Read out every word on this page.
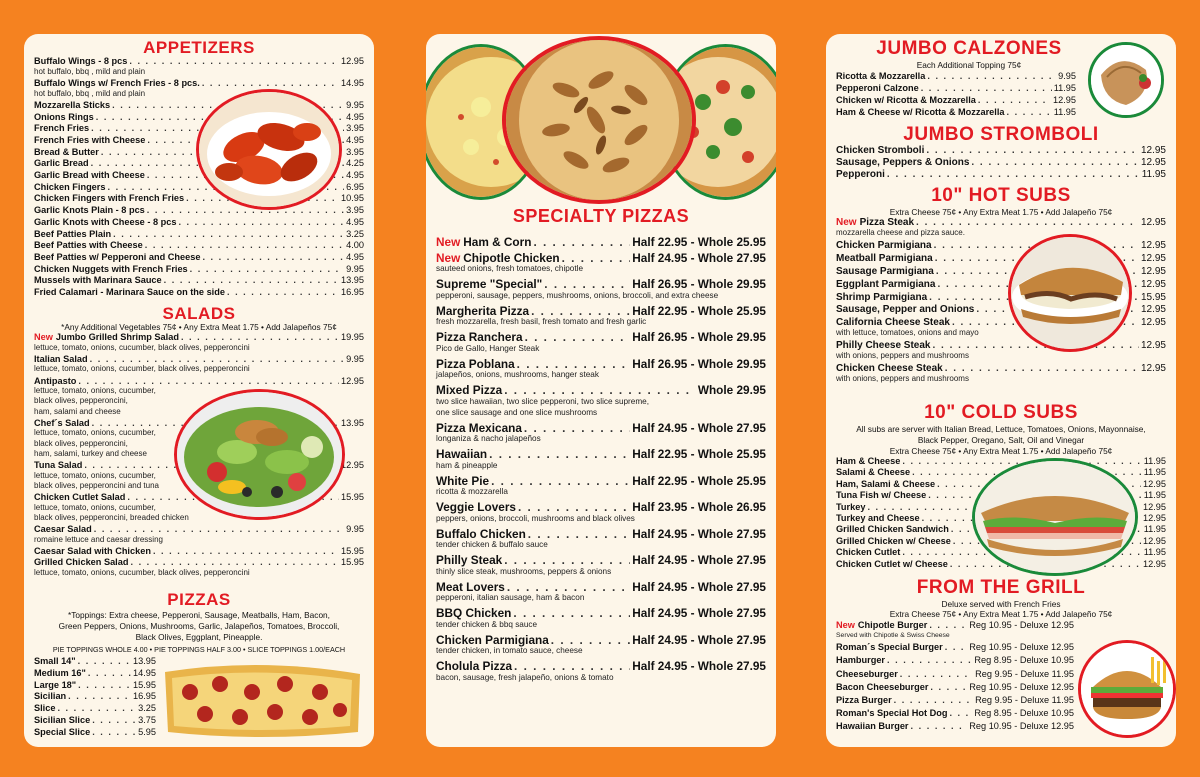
APPETIZERS
Buffalo Wings - 8 pcs . . .	12.95
hot buffalo, bbq , mild and plain
Buffalo Wings w/ French Fries - 8 pcs. . . .	14.95
hot buffalo, bbq , mild and plain
Mozzarella Sticks . . .	9.95
Onions Rings . . .	4.95
French Fries . . .	3.95
French Fries with Cheese . . .	4.95
Bread & Butter . . .	3.95
Garlic Bread . . .	4.25
Garlic Bread with Cheese . . .	4.95
Chicken Fingers . . .	6.95
Chicken Fingers with French Fries . . .	10.95
Garlic Knots Plain - 8 pcs . . .	3.95
Garlic Knots with Cheese - 8 pcs . . .	4.95
Beef Patties Plain . . .	3.25
Beef Patties with Cheese . . .	4.00
Beef Patties w/ Pepperoni and Cheese . . .	4.95
Chicken Nuggets with French Fries . . .	9.95
Mussels with Marinara Sauce . . .	13.95
Fried Calamari - Marinara Sauce on the side . . .	16.95
SALADS
*Any Additional Vegetables 75¢ • Any Extra Meat 1.75 • Add Jalapeños 75¢
New Jumbo Grilled Shrimp Salad . . .	19.95
lettuce, tomato, onions, cucumber, black olives, pepperoncini
Italian Salad . . .	9.95
lettuce, tomato, onions, cucumber, black olives, pepperoncini
Antipasto . . .	12.95
lettuce, tomato, onions, cucumber,
black olives, pepperoncini,
ham, salami and cheese
Chef´s Salad . . .	13.95
lettuce, tomato, onions, cucumber,
black olives, pepperoncini,
ham, salami, turkey and cheese
Tuna Salad . . .	12.95
lettuce, tomato, onions, cucumber,
black olives, pepperoncini and tuna
Chicken Cutlet Salad . . .	15.95
lettuce, tomato, onions, cucumber,
black olives, pepperoncini, breaded chicken
Caesar Salad . . .	9.95
romaine lettuce and caesar dressing
Caesar Salad with Chicken . . .	15.95
Grilled Chicken Salad . . .	15.95
lettuce, tomato, onions, cucumber, black olives, pepperoncini
PIZZAS
*Toppings: Extra cheese, Pepperoni, Sausage, Meatballs, Ham, Bacon,
Green Peppers, Onions, Mushrooms, Garlic, Jalapeños, Tomatoes, Broccoli,
Black Olives, Eggplant, Pineapple.
PIE TOPPINGS WHOLE 4.00 • PIE TOPPINGS HALF 3.00 • SLICE TOPPINGS 1.00/EACH
Small 14" . . .	13.95
Medium 16" . . .	14.95
Large 18" . . .	15.95
Sicilian . . .	16.95
Slice . . .	3.25
Sicilian Slice . . .	3.75
Special Slice . . .	5.95
SPECIALTY PIZZAS
New Ham & Corn . . .	Half 22.95 - Whole 25.95
New Chipotle Chicken . . .	Half 24.95 - Whole 27.95
sauteed onions, fresh tomatoes, chipotle
Supreme "Special" . . .	Half 26.95 - Whole 29.95
pepperoni, sausage, peppers, mushrooms, onions, broccoli, and extra cheese
Margherita Pizza . . .	Half 22.95 - Whole 25.95
fresh mozzarella, fresh basil, fresh tomato and fresh garlic
Pizza Ranchera . . .	Half 26.95 - Whole 29.95
Pico de Gallo, Hanger Steak
Pizza Poblana . . .	Half 26.95 - Whole 29.95
jalapeños, onions, mushrooms, hanger steak
Mixed Pizza . . .	Whole 29.95
two slice hawaiian, two slice pepperoni, two slice supreme,
one slice sausage and one slice mushrooms
Pizza Mexicana . . .	Half 24.95 - Whole 27.95
longaniza & nacho jalapeños
Hawaiian . . .	Half 22.95 - Whole 25.95
ham & pineapple
White Pie . . .	Half 22.95 - Whole 25.95
ricotta & mozzarella
Veggie Lovers . . .	Half 23.95 - Whole 26.95
peppers, onions, broccoli, mushrooms and black olives
Buffalo Chicken . . .	Half 24.95 - Whole 27.95
tender chicken & buffalo sauce
Philly Steak . . .	Half 24.95 - Whole 27.95
thinly slice steak, mushrooms, peppers & onions
Meat Lovers . . .	Half 24.95 - Whole 27.95
pepperoni, italian sausage, ham & bacon
BBQ Chicken . . .	Half 24.95 - Whole 27.95
tender chicken & bbq sauce
Chicken Parmigiana . . .	Half 24.95 - Whole 27.95
tender chicken, in tomato sauce, cheese
Cholula Pizza . . .	Half 24.95 - Whole 27.95
bacon, sausage, fresh jalapeño, onions & tomato
JUMBO CALZONES
Each Additional Topping 75¢
Ricotta & Mozzarella . . .	9.95
Pepperoni Calzone . . .	11.95
Chicken w/ Ricotta & Mozzarella . . .	12.95
Ham & Cheese w/ Ricotta & Mozzarella . . .	11.95
JUMBO STROMBOLI
Chicken Stromboli . . .	12.95
Sausage, Peppers & Onions . . .	12.95
Pepperoni . . .	11.95
10" HOT SUBS
Extra Cheese 75¢ • Any Extra Meat 1.75 • Add Jalapeño 75¢
New Pizza Steak . . .	12.95
mozzarella cheese and pizza sauce.
Chicken Parmigiana . . .	12.95
Meatball Parmigiana . . .	12.95
Sausage Parmigiana . . .	12.95
Eggplant Parmigiana . . .	12.95
Shrimp Parmigiana . . .	15.95
Sausage, Pepper and Onions . . .	12.95
California Cheese Steak . . .	12.95
with lettuce, tomatoes, onions and mayo
Philly Cheese Steak . . .	12.95
with onions, peppers and mushrooms
Chicken Cheese Steak . . .	12.95
with onions, peppers and mushrooms
10" COLD SUBS
All subs are server with Italian Bread, Lettuce, Tomatoes, Onions, Mayonnaise,
Black Pepper, Oregano, Salt, Oil and Vinegar
Extra Cheese 75¢ • Any Extra Meat 1.75 • Add Jalapeño 75¢
Ham & Cheese . . .	11.95
Salami & Cheese . . .	11.95
Ham, Salami & Cheese . . .	12.95
Tuna Fish w/ Cheese . . .	11.95
Turkey . . .	12.95
Turkey and Cheese . . .	12.95
Grilled Chicken Sandwich . . .	11.95
Grilled Chicken w/ Cheese . . .	12.95
Chicken Cutlet . . .	11.95
Chicken Cutlet w/ Cheese . . .	12.95
FROM THE GRILL
Deluxe served with French Fries
Extra Cheese 75¢ • Any Extra Meat 1.75 • Add Jalapeño 75¢
New Chipotle Burger . . .	Reg 10.95 - Deluxe 12.95
Served with Chipotle & Swiss Cheese
Roman´s Special Burger . . .	Reg 10.95 - Deluxe 12.95
Hamburger . . .	Reg 8.95 - Deluxe 10.95
Cheeseburger . . .	Reg 9.95 - Deluxe 11.95
Bacon Cheeseburger . . .	Reg 10.95 - Deluxe 12.95
Pizza Burger . . .	Reg 9.95 - Deluxe 11.95
Roman's Special Hot Dog . . .	Reg 8.95 - Deluxe 10.95
Hawaiian Burger . . .	Reg 10.95 - Deluxe 12.95
